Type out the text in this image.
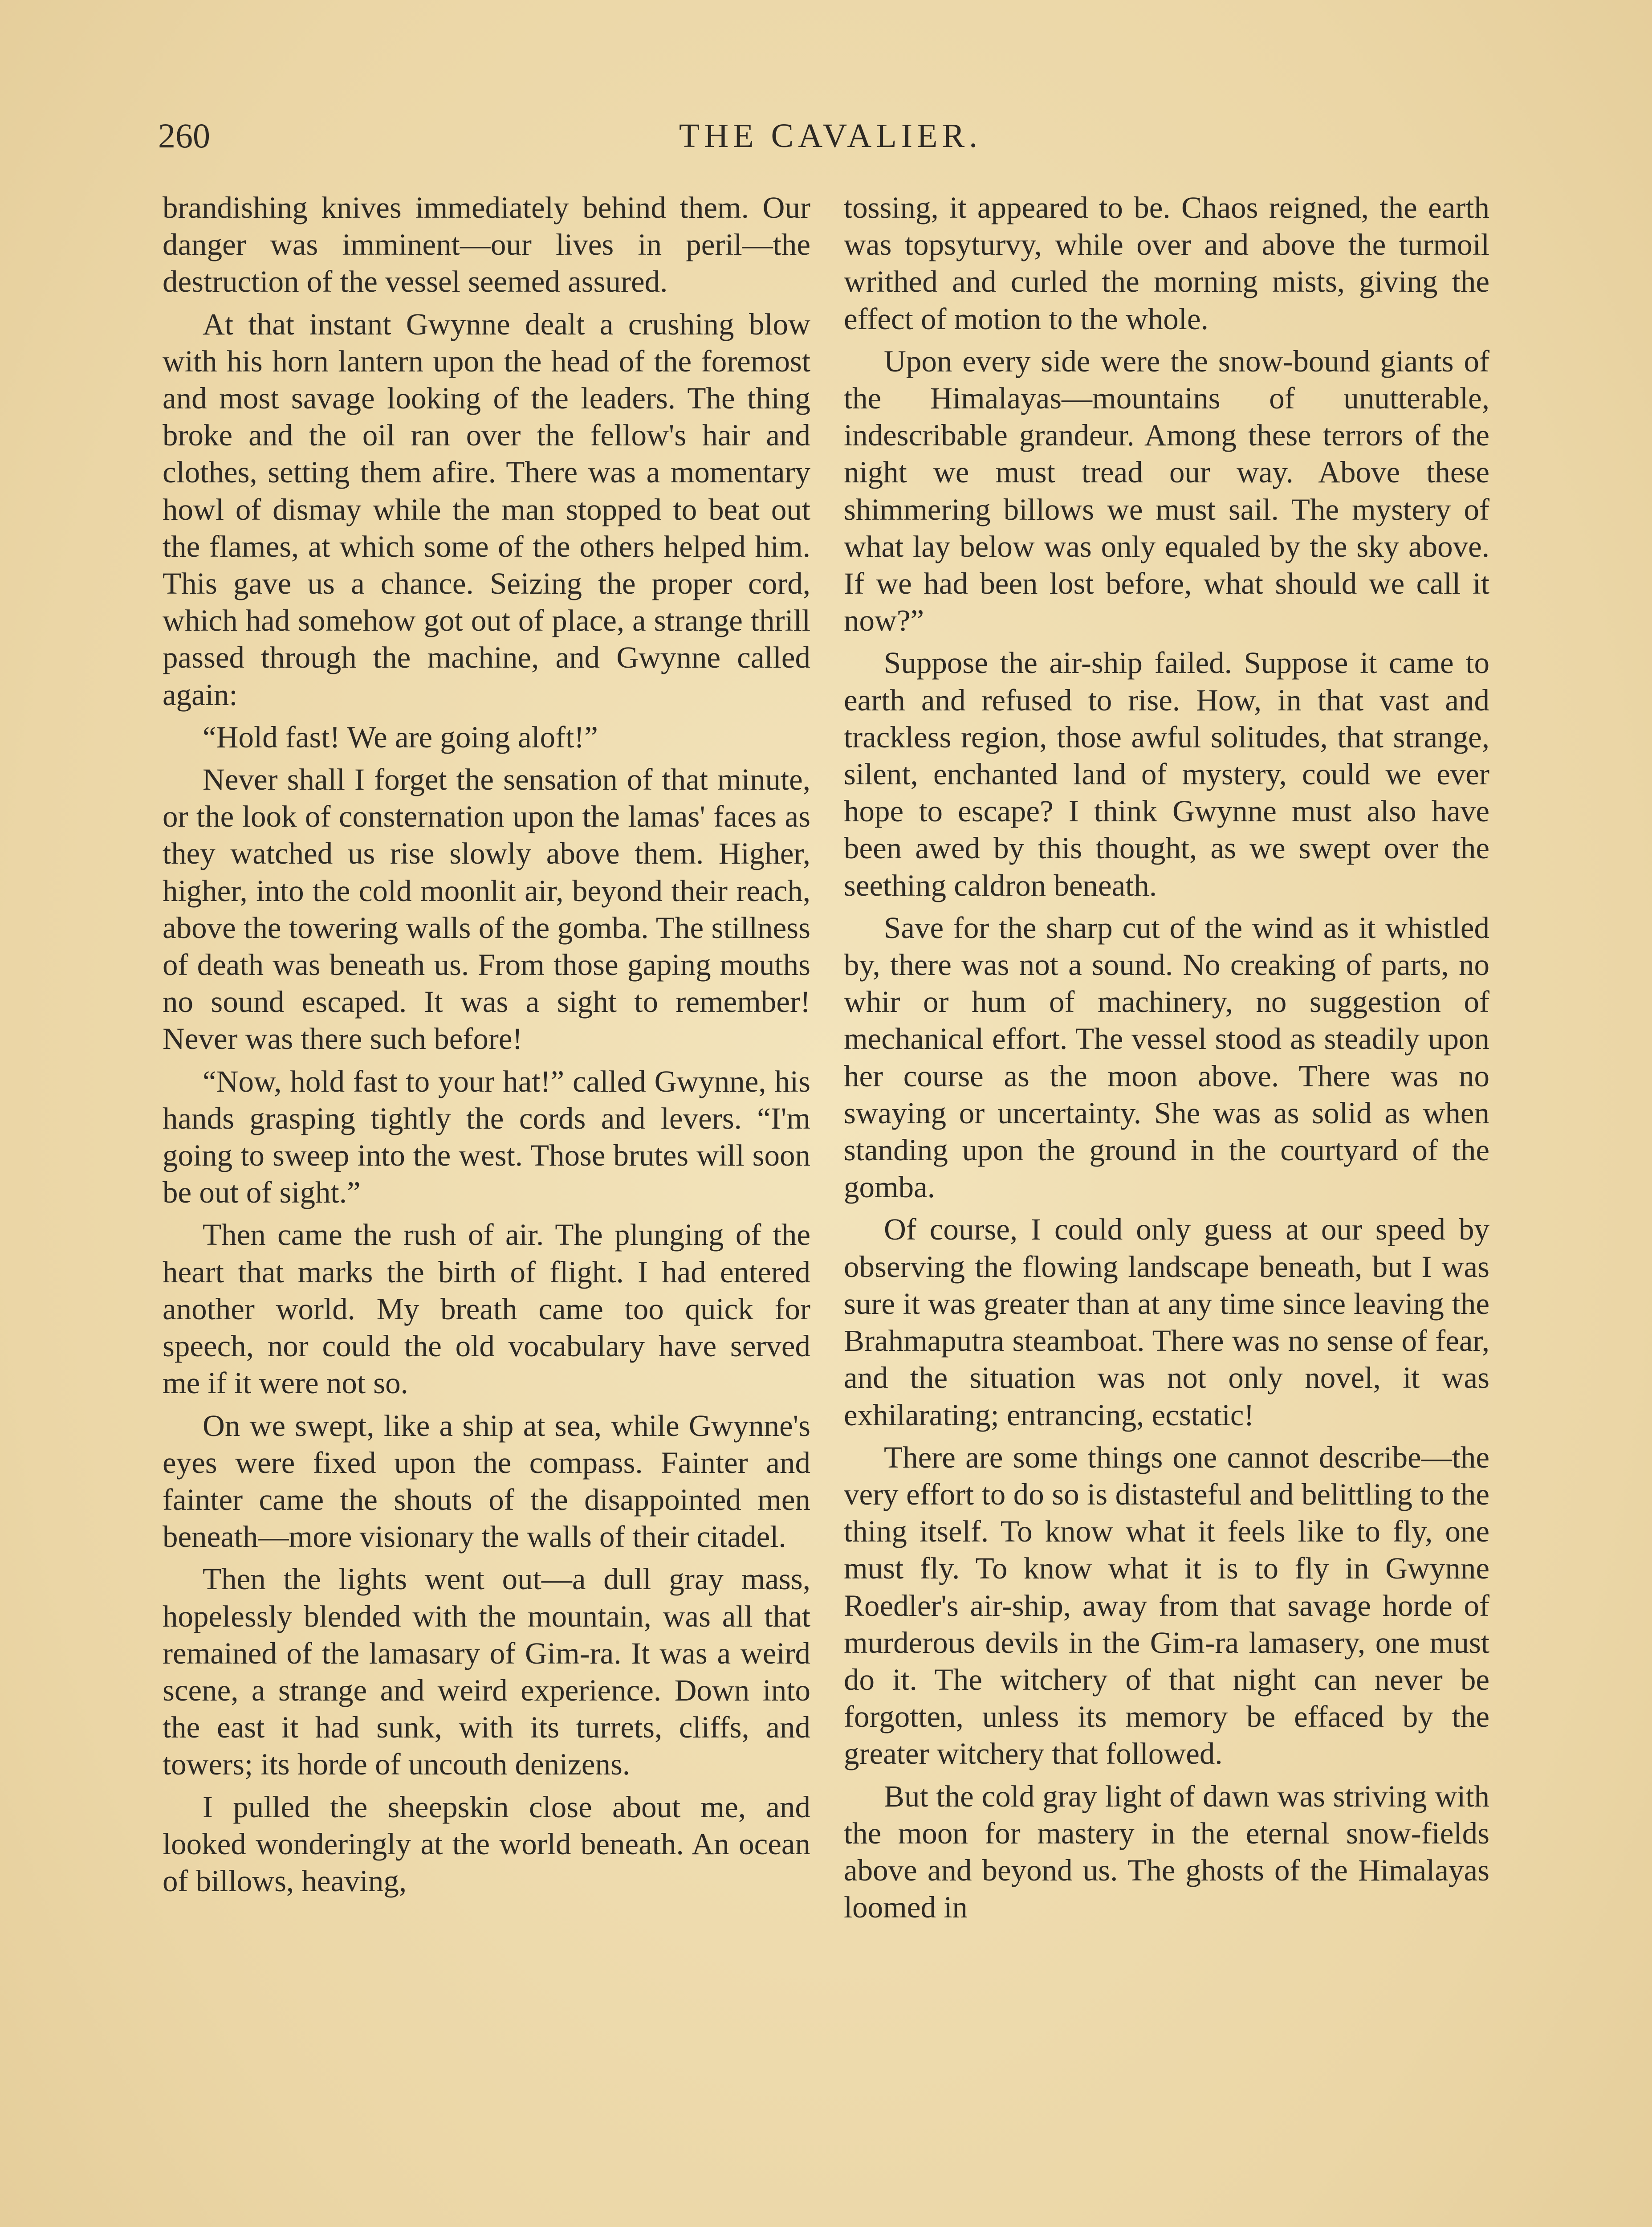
260	THE CAVALIER.

brandishing knives immediately behind them. Our danger was imminent—our lives in peril—the destruction of the vessel seemed assured.

At that instant Gwynne dealt a crushing blow with his horn lantern upon the head of the foremost and most savage looking of the leaders. The thing broke and the oil ran over the fellow's hair and clothes, setting them afire. There was a momentary howl of dismay while the man stopped to beat out the flames, at which some of the others helped him. This gave us a chance. Seizing the proper cord, which had somehow got out of place, a strange thrill passed through the machine, and Gwynne called again:

“Hold fast! We are going aloft!”

Never shall I forget the sensation of that minute, or the look of consternation upon the lamas' faces as they watched us rise slowly above them. Higher, higher, into the cold moonlit air, beyond their reach, above the towering walls of the gomba. The stillness of death was beneath us. From those gaping mouths no sound escaped. It was a sight to remember! Never was there such before!

“Now, hold fast to your hat!” called Gwynne, his hands grasping tightly the cords and levers. “I'm going to sweep into the west. Those brutes will soon be out of sight.”

Then came the rush of air. The plunging of the heart that marks the birth of flight. I had entered another world. My breath came too quick for speech, nor could the old vocabulary have served me if it were not so.

On we swept, like a ship at sea, while Gwynne's eyes were fixed upon the compass. Fainter and fainter came the shouts of the disappointed men beneath—more visionary the walls of their citadel.

Then the lights went out—a dull gray mass, hopelessly blended with the mountain, was all that remained of the lamasary of Gim-ra. It was a weird scene, a strange and weird experience. Down into the east it had sunk, with its turrets, cliffs, and towers; its horde of uncouth denizens.

I pulled the sheepskin close about me, and looked wonderingly at the world beneath. An ocean of billows, heaving,

tossing, it appeared to be. Chaos reigned, the earth was topsyturvy, while over and above the turmoil writhed and curled the morning mists, giving the effect of motion to the whole.

Upon every side were the snow-bound giants of the Himalayas—mountains of unutterable, indescribable grandeur. Among these terrors of the night we must tread our way. Above these shimmering billows we must sail. The mystery of what lay below was only equaled by the sky above. If we had been lost before, what should we call it now?”

Suppose the air-ship failed. Suppose it came to earth and refused to rise. How, in that vast and trackless region, those awful solitudes, that strange, silent, enchanted land of mystery, could we ever hope to escape? I think Gwynne must also have been awed by this thought, as we swept over the seething caldron beneath.

Save for the sharp cut of the wind as it whistled by, there was not a sound. No creaking of parts, no whir or hum of machinery, no suggestion of mechanical effort. The vessel stood as steadily upon her course as the moon above. There was no swaying or uncertainty. She was as solid as when standing upon the ground in the courtyard of the gomba.

Of course, I could only guess at our speed by observing the flowing landscape beneath, but I was sure it was greater than at any time since leaving the Brahmaputra steamboat. There was no sense of fear, and the situation was not only novel, it was exhilarating; entrancing, ecstatic!

There are some things one cannot describe—the very effort to do so is distasteful and belittling to the thing itself. To know what it feels like to fly, one must fly. To know what it is to fly in Gwynne Roedler's air-ship, away from that savage horde of murderous devils in the Gim-ra lamasery, one must do it. The witchery of that night can never be forgotten, unless its memory be effaced by the greater witchery that followed.

But the cold gray light of dawn was striving with the moon for mastery in the eternal snow-fields above and beyond us. The ghosts of the Himalayas loomed in
